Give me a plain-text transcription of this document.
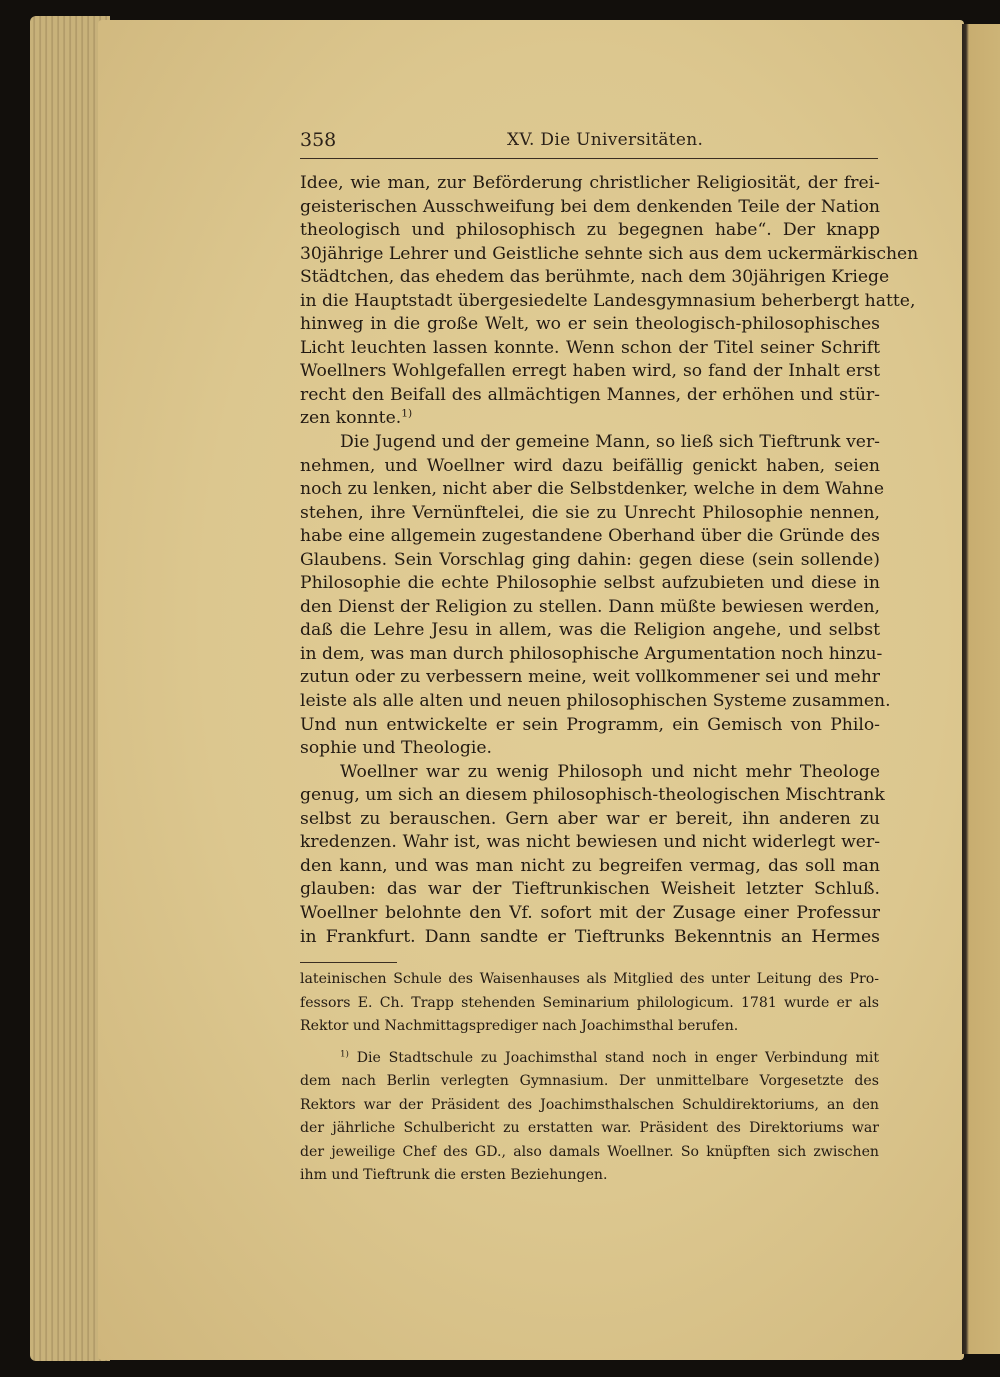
358	XV. Die Universitäten.
Idee, wie man, zur Beförderung christlicher Religiosität, der frei-
geisterischen Ausschweifung bei dem denkenden Teile der Nation
theologisch und philosophisch zu begegnen habe“. Der knapp
30jährige Lehrer und Geistliche sehnte sich aus dem uckermärkischen
Städtchen, das ehedem das berühmte, nach dem 30jährigen Kriege
in die Hauptstadt übergesiedelte Landesgymnasium beherbergt hatte,
hinweg in die große Welt, wo er sein theologisch-philosophisches
Licht leuchten lassen konnte. Wenn schon der Titel seiner Schrift
Woellners Wohlgefallen erregt haben wird, so fand der Inhalt erst
recht den Beifall des allmächtigen Mannes, der erhöhen und stür-
zen konnte.$^{1)}$
Die Jugend und der gemeine Mann, so ließ sich Tieftrunk ver-
nehmen, und Woellner wird dazu beifällig genickt haben, seien
noch zu lenken, nicht aber die Selbstdenker, welche in dem Wahne
stehen, ihre Vernünftelei, die sie zu Unrecht Philosophie nennen,
habe eine allgemein zugestandene Oberhand über die Gründe des
Glaubens. Sein Vorschlag ging dahin: gegen diese (sein sollende)
Philosophie die echte Philosophie selbst aufzubieten und diese in
den Dienst der Religion zu stellen. Dann müßte bewiesen werden,
daß die Lehre Jesu in allem, was die Religion angehe, und selbst
in dem, was man durch philosophische Argumentation noch hinzu-
zutun oder zu verbessern meine, weit vollkommener sei und mehr
leiste als alle alten und neuen philosophischen Systeme zusammen.
Und nun entwickelte er sein Programm, ein Gemisch von Philo-
sophie und Theologie.
Woellner war zu wenig Philosoph und nicht mehr Theologe
genug, um sich an diesem philosophisch-theologischen Mischtrank
selbst zu berauschen. Gern aber war er bereit, ihn anderen zu
kredenzen. Wahr ist, was nicht bewiesen und nicht widerlegt wer-
den kann, und was man nicht zu begreifen vermag, das soll man
glauben: das war der Tieftrunkischen Weisheit letzter Schluß.
Woellner belohnte den Vf. sofort mit der Zusage einer Professur
in Frankfurt. Dann sandte er Tieftrunks Bekenntnis an Hermes
lateinischen Schule des Waisenhauses als Mitglied des unter Leitung des Pro-
fessors E. Ch. Trapp stehenden Seminarium philologicum. 1781 wurde er als
Rektor und Nachmittagsprediger nach Joachimsthal berufen.
$^{1)}$ Die Stadtschule zu Joachimsthal stand noch in enger Verbindung mit
dem nach Berlin verlegten Gymnasium. Der unmittelbare Vorgesetzte des
Rektors war der Präsident des Joachimsthalschen Schuldirektoriums, an den
der jährliche Schulbericht zu erstatten war. Präsident des Direktoriums war
der jeweilige Chef des GD., also damals Woellner. So knüpften sich zwischen
ihm und Tieftrunk die ersten Beziehungen.
